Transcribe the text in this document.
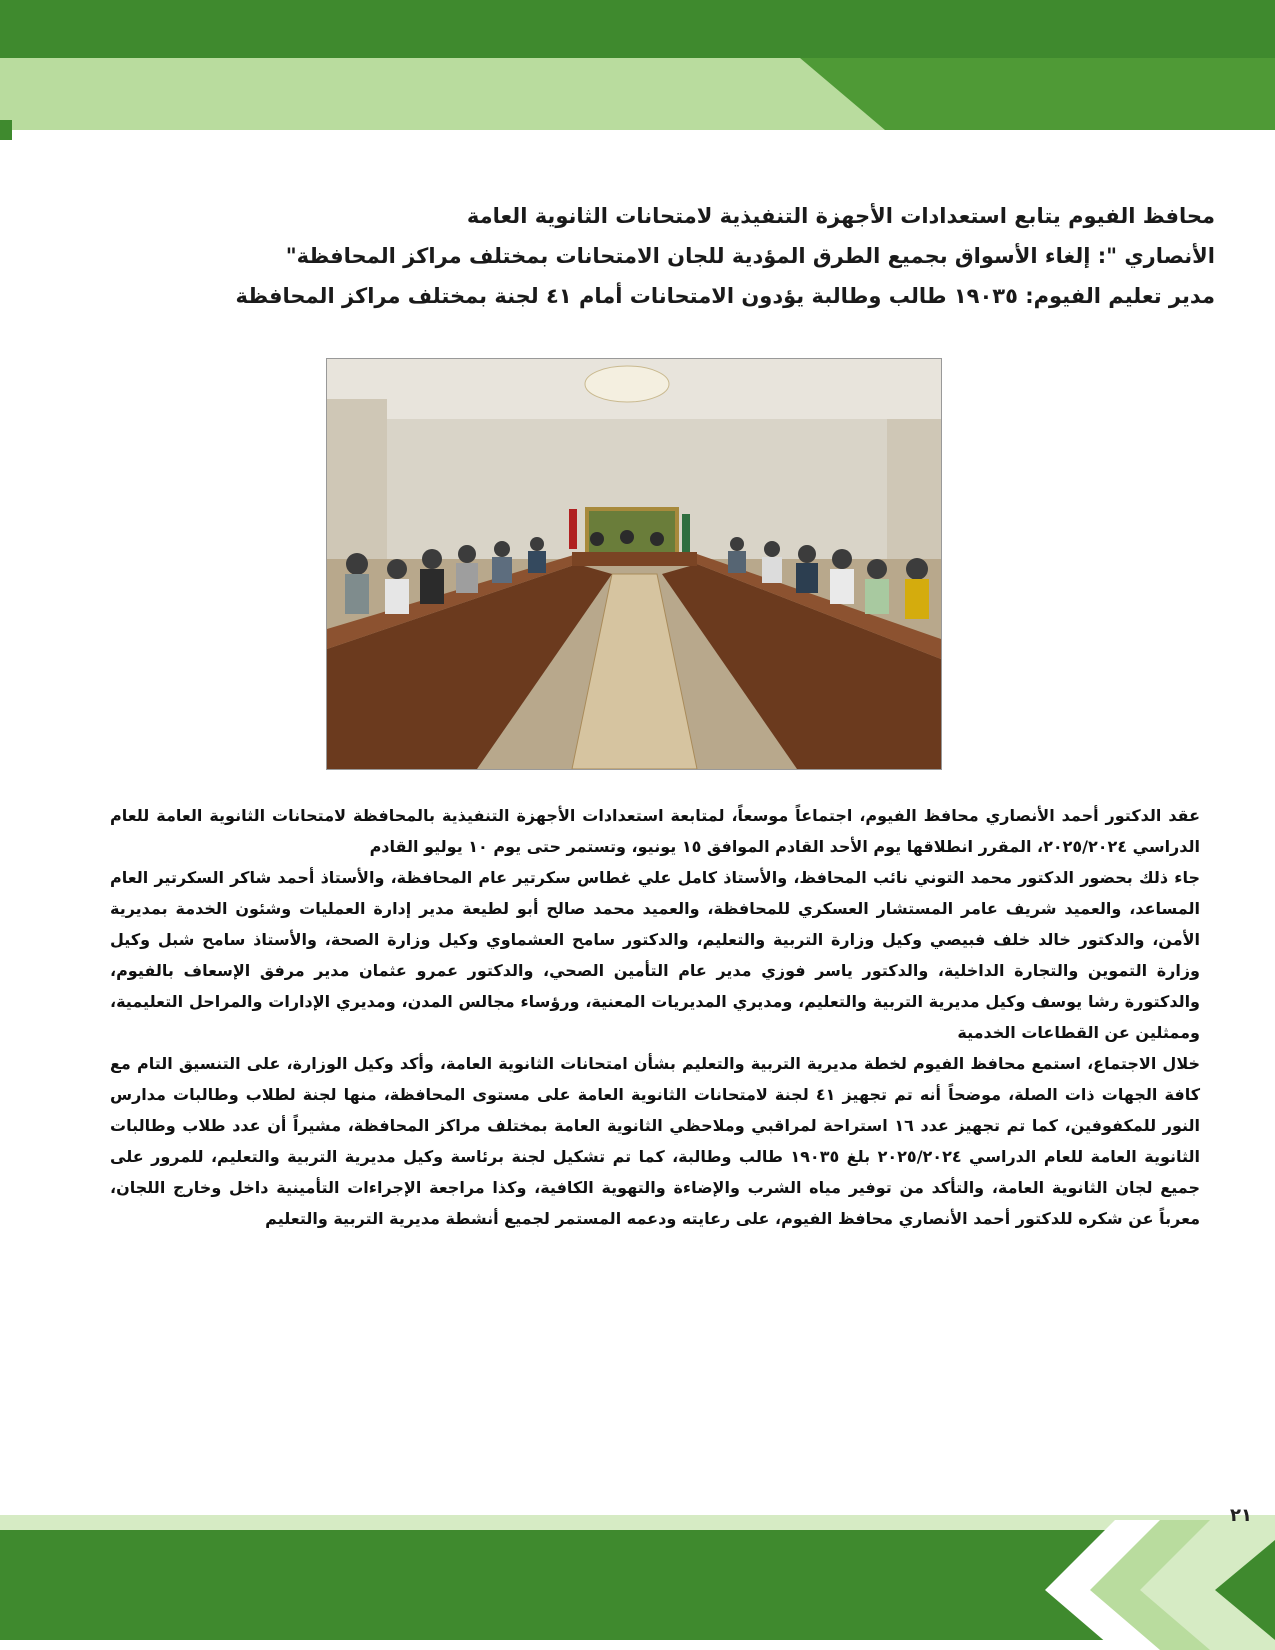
محافظ الفيوم يتابع استعدادات الأجهزة التنفيذية لامتحانات الثانوية العامة
الأنصاري ": إلغاء الأسواق بجميع الطرق المؤدية للجان الامتحانات بمختلف مراكز المحافظة"
مدير تعليم الفيوم: ١٩٠٣٥ طالب وطالبة يؤدون الامتحانات أمام ٤١ لجنة بمختلف مراكز المحافظة

عقد الدكتور أحمد الأنصاري محافظ الفيوم، اجتماعاً موسعاً، لمتابعة استعدادات الأجهزة التنفيذية بالمحافظة لامتحانات الثانوية العامة للعام الدراسي ٢٠٢٥/٢٠٢٤، المقرر انطلاقها يوم الأحد القادم الموافق ١٥ يونيو، وتستمر حتى يوم ١٠ يوليو القادم

جاء ذلك بحضور الدكتور محمد التوني نائب المحافظ، والأستاذ كامل علي غطاس سكرتير عام المحافظة، والأستاذ أحمد شاكر السكرتير العام المساعد، والعميد شريف عامر المستشار العسكري للمحافظة، والعميد محمد صالح أبو لطيعة مدير إدارة العمليات وشئون الخدمة بمديرية الأمن، والدكتور خالد خلف فبيصي وكيل وزارة التربية والتعليم، والدكتور سامح العشماوي وكيل وزارة الصحة، والأستاذ سامح شبل وكيل وزارة التموين والتجارة الداخلية، والدكتور ياسر فوزي مدير عام التأمين الصحي، والدكتور عمرو عثمان مدير مرفق الإسعاف بالفيوم، والدكتورة رشا يوسف وكيل مديرية التربية والتعليم، ومديري المديريات المعنية، ورؤساء مجالس المدن، ومديري الإدارات والمراحل التعليمية، وممثلين عن القطاعات الخدمية

خلال الاجتماع، استمع محافظ الفيوم لخطة مديرية التربية والتعليم بشأن امتحانات الثانوية العامة، وأكد وكيل الوزارة، على التنسيق التام مع كافة الجهات ذات الصلة، موضحاً أنه تم تجهيز ٤١ لجنة لامتحانات الثانوية العامة على مستوى المحافظة، منها لجنة لطلاب وطالبات مدارس النور للمكفوفين، كما تم تجهيز عدد ١٦ استراحة لمراقبي وملاحظي الثانوية العامة بمختلف مراكز المحافظة، مشيراً أن عدد طلاب وطالبات الثانوية العامة للعام الدراسي ٢٠٢٥/٢٠٢٤ بلغ ١٩٠٣٥ طالب وطالبة، كما تم تشكيل لجنة برئاسة وكيل مديرية التربية والتعليم، للمرور على جميع لجان الثانوية العامة، والتأكد من توفير مياه الشرب والإضاءة والتهوية الكافية، وكذا مراجعة الإجراءات التأمينية داخل وخارج اللجان، معرباً عن شكره للدكتور أحمد الأنصاري محافظ الفيوم، على رعايته ودعمه المستمر لجميع أنشطة مديرية التربية والتعليم

٢١
